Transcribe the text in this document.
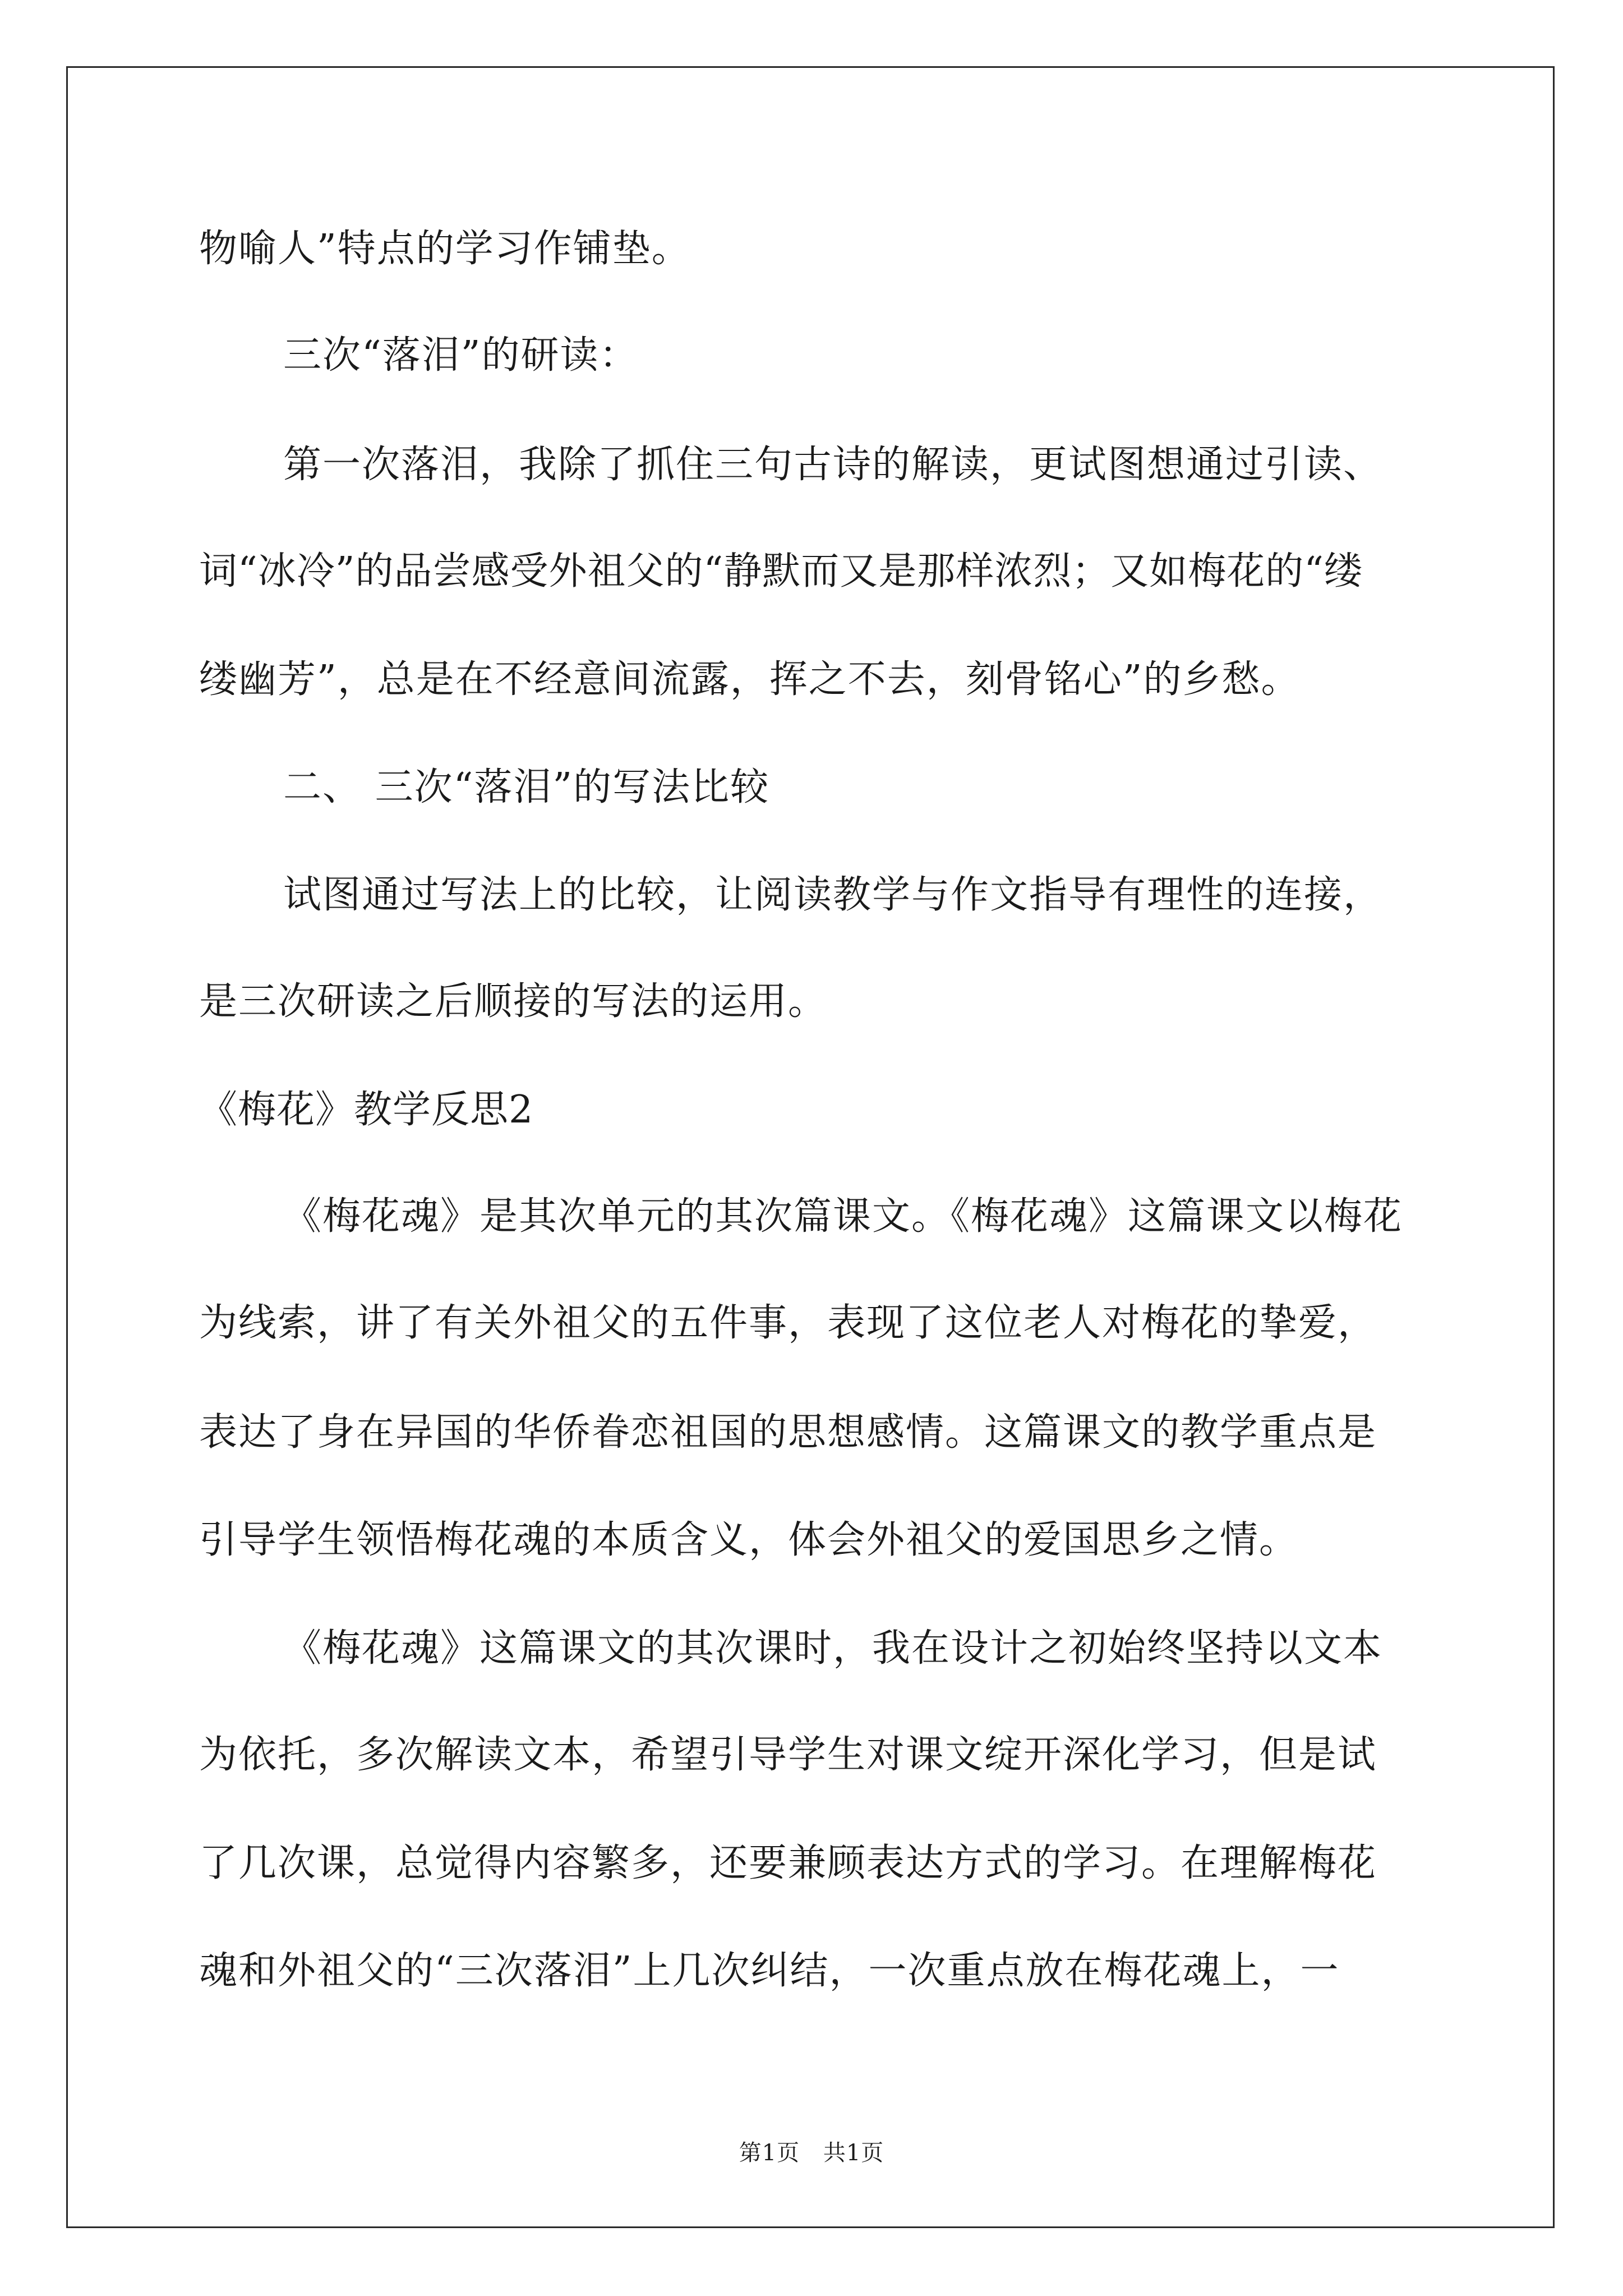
物喻人”特点的学习作铺垫。
三次“落泪”的研读：
第一次落泪，我除了抓住三句古诗的解读，更试图想通过引读、
词“冰冷”的品尝感受外祖父的“静默而又是那样浓烈；又如梅花的“缕
缕幽芳”，总是在不经意间流露，挥之不去，刻骨铭心”的乡愁。
二、 三次“落泪”的写法比较
试图通过写法上的比较，让阅读教学与作文指导有理性的连接，
是三次研读之后顺接的写法的运用。
《梅花》教学反思2
《梅花魂》是其次单元的其次篇课文。《梅花魂》这篇课文以梅花
为线索，讲了有关外祖父的五件事，表现了这位老人对梅花的挚爱，
表达了身在异国的华侨眷恋祖国的思想感情。这篇课文的教学重点是
引导学生领悟梅花魂的本质含义，体会外祖父的爱国思乡之情。
《梅花魂》这篇课文的其次课时，我在设计之初始终坚持以文本
为依托，多次解读文本，希望引导学生对课文绽开深化学习，但是试
了几次课，总觉得内容繁多，还要兼顾表达方式的学习。在理解梅花
魂和外祖父的“三次落泪”上几次纠结，一次重点放在梅花魂上，一
第1页 共1页
